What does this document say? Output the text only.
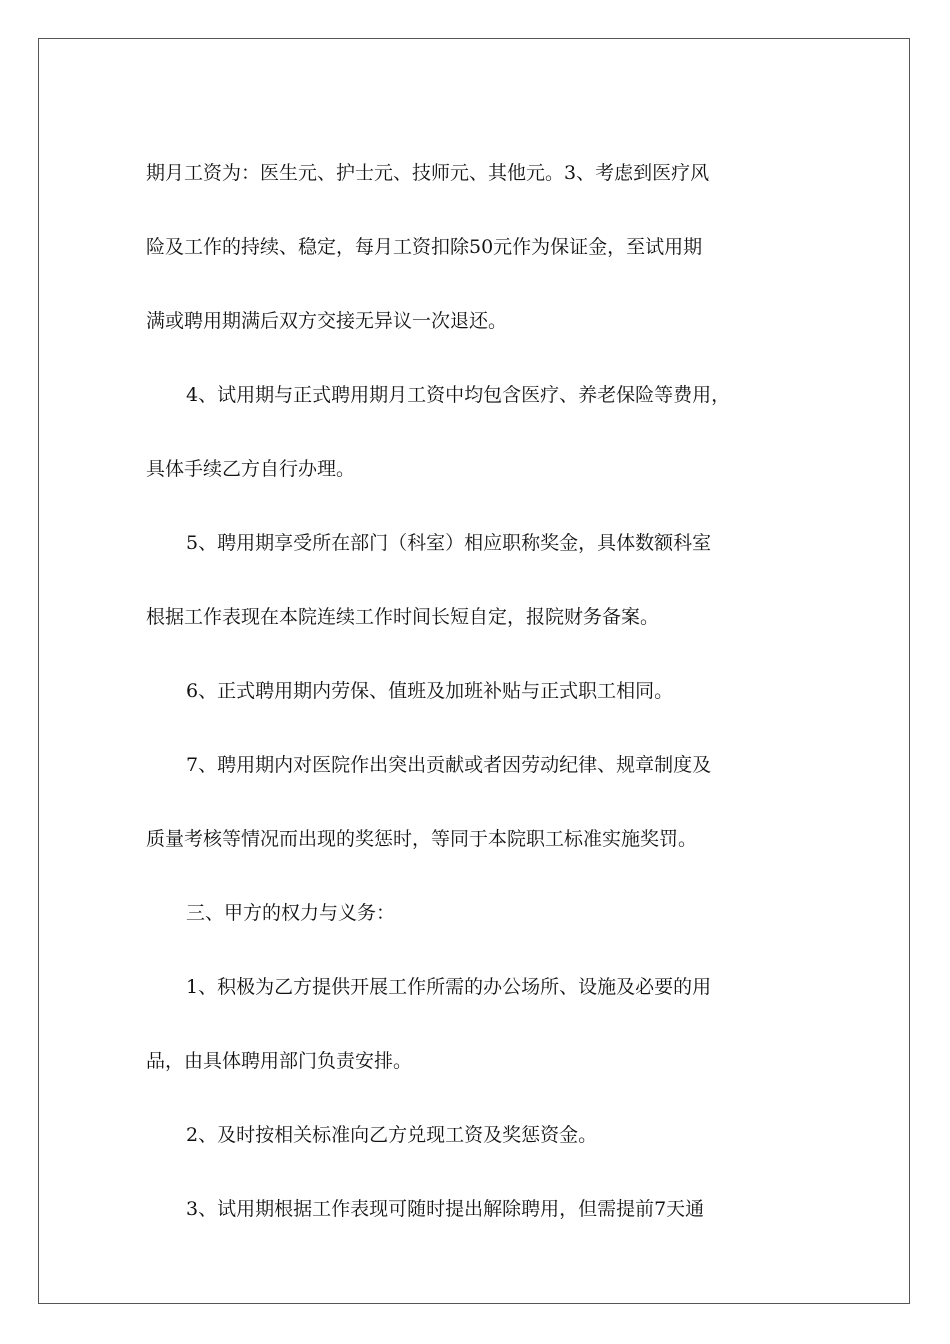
期月工资为：医生元、护士元、技师元、其他元。3、考虑到医疗风
险及工作的持续、稳定，每月工资扣除50元作为保证金，至试用期
满或聘用期满后双方交接无异议一次退还。
4、试用期与正式聘用期月工资中均包含医疗、养老保险等费用，
具体手续乙方自行办理。
5、聘用期享受所在部门（科室）相应职称奖金，具体数额科室
根据工作表现在本院连续工作时间长短自定，报院财务备案。
6、正式聘用期内劳保、值班及加班补贴与正式职工相同。
7、聘用期内对医院作出突出贡献或者因劳动纪律、规章制度及
质量考核等情况而出现的奖惩时，等同于本院职工标准实施奖罚。
三、甲方的权力与义务：
1、积极为乙方提供开展工作所需的办公场所、设施及必要的用
品，由具体聘用部门负责安排。
2、及时按相关标准向乙方兑现工资及奖惩资金。
3、试用期根据工作表现可随时提出解除聘用，但需提前7天通
